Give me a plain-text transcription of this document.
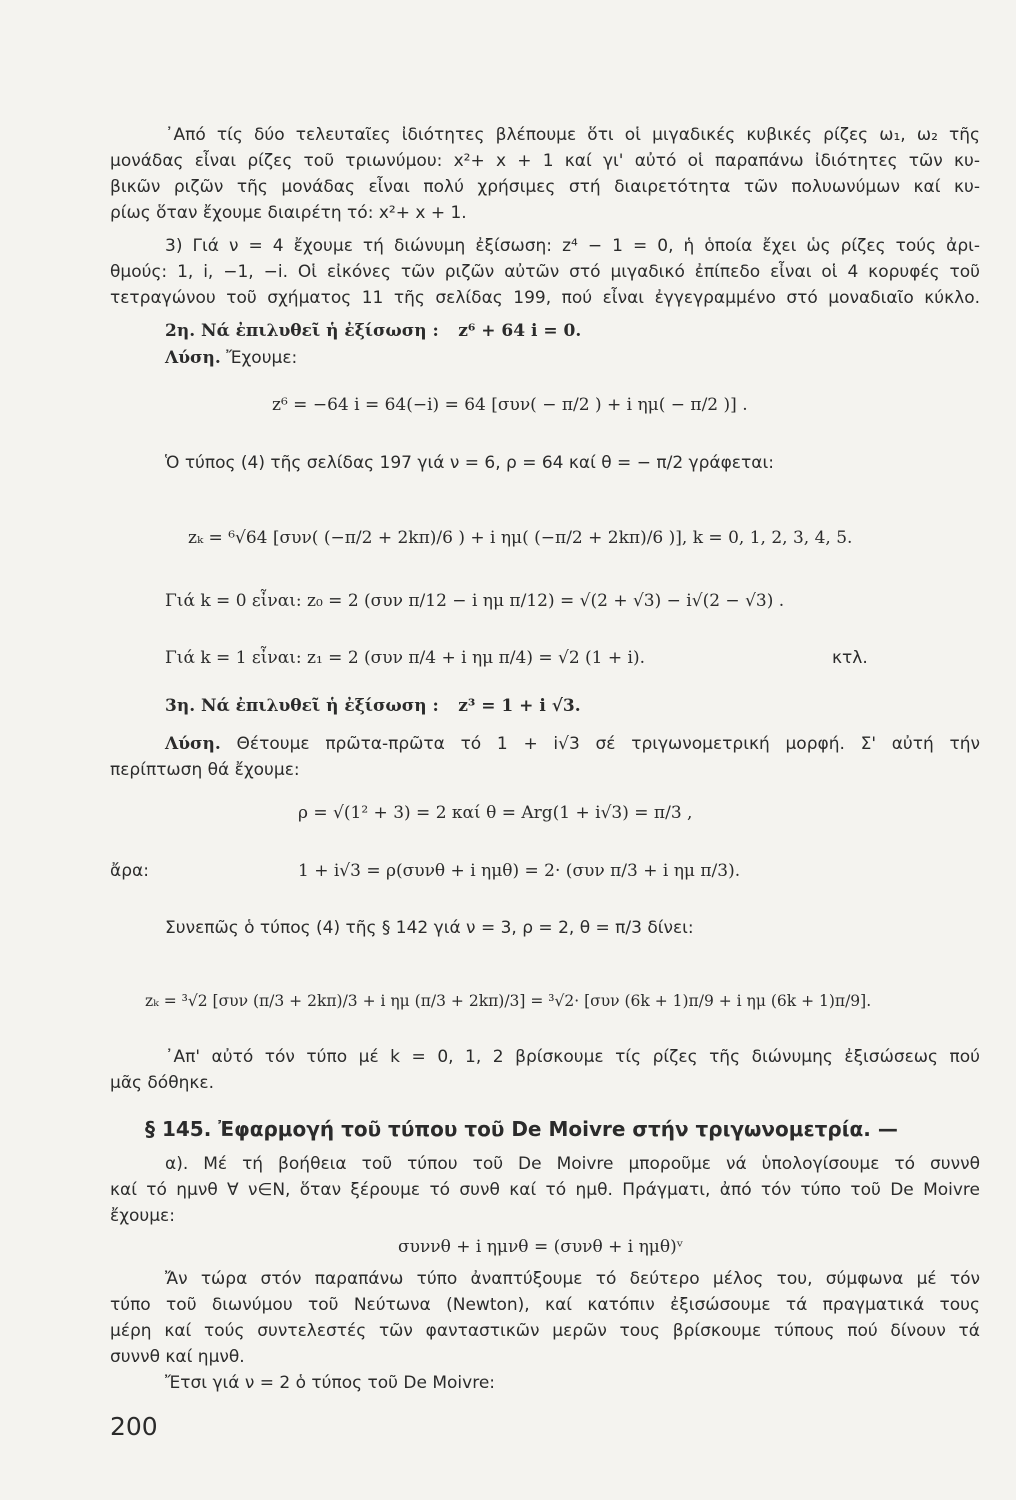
᾿Από τίς δύο τελευταῖες ἰδιότητες βλέπουμε ὅτι οἱ μιγαδικές κυβικές ρίζες ω₁, ω₂ τῆς
μονάδας εἶναι ρίζες τοῦ τριωνύμου: x²+ x + 1 καί γι' αὐτό οἱ παραπάνω ἰδιότητες τῶν κυ-
βικῶν ριζῶν τῆς μονάδας εἶναι πολύ χρήσιμες στή διαιρετότητα τῶν πολυωνύμων καί κυ-
ρίως ὅταν ἔχουμε διαιρέτη τό: x²+ x + 1.
3) Γιά ν = 4 ἔχουμε τή διώνυμη ἐξίσωση: z⁴ − 1 = 0, ἡ ὁποία ἔχει ὡς ρίζες τούς ἀρι-
θμούς: 1, i, −1, −i. Οἱ εἰκόνες τῶν ριζῶν αὐτῶν στό μιγαδικό ἐπίπεδο εἶναι οἱ 4 κορυφές τοῦ
τετραγώνου τοῦ σχήματος 11 τῆς σελίδας 199, πού εἶναι ἐγγεγραμμένο στό μοναδιαῖο κύκλο.
2η. Νά ἐπιλυθεῖ ἡ ἐξίσωση : z⁶ + 64 i = 0.
Λύση. Ἔχουμε:
z⁶ = −64 i = 64(−i) = 64 [συν( − π/2 ) + i ημ( − π/2 )] .
Ὁ τύπος (4) τῆς σελίδας 197 γιά ν = 6, ρ = 64 καί θ = − π/2 γράφεται:
zₖ = ⁶√64 [συν( (−π/2 + 2kπ)/6 ) + i ημ( (−π/2 + 2kπ)/6 )], k = 0, 1, 2, 3, 4, 5.
Γιά k = 0 εἶναι: z₀ = 2 (συν π/12 − i ημ π/12) = √(2 + √3) − i√(2 − √3) .
Γιά k = 1 εἶναι: z₁ = 2 (συν π/4 + i ημ π/4) = √2 (1 + i).	κτλ.
3η. Νά ἐπιλυθεῖ ἡ ἐξίσωση : z³ = 1 + i √3.
Λύση. Θέτουμε πρῶτα-πρῶτα τό 1 + i√3 σέ τριγωνομετρική μορφή. Σ' αὐτή τήν
περίπτωση θά ἔχουμε:
ρ = √(1² + 3) = 2 καί θ = Arg(1 + i√3) = π/3 ,
ἄρα:	1 + i√3 = ρ(συνθ + i ημθ) = 2· (συν π/3 + i ημ π/3).
Συνεπῶς ὁ τύπος (4) τῆς § 142 γιά ν = 3, ρ = 2, θ = π/3 δίνει:
zₖ = ³√2 [συν (π/3 + 2kπ)/3 + i ημ (π/3 + 2kπ)/3] = ³√2· [συν (6k + 1)π/9 + i ημ (6k + 1)π/9].
᾿Απ' αὐτό τόν τύπο μέ k = 0, 1, 2 βρίσκουμε τίς ρίζες τῆς διώνυμης ἐξισώσεως πού
μᾶς δόθηκε.
§ 145. Ἐφαρμογή τοῦ τύπου τοῦ De Moivre στήν τριγωνομετρία. —
α). Μέ τή βοήθεια τοῦ τύπου τοῦ De Moivre μποροῦμε νά ὑπολογίσουμε τό συννθ
καί τό ημνθ ∀ ν∈N, ὅταν ξέρουμε τό συνθ καί τό ημθ. Πράγματι, ἀπό τόν τύπο τοῦ De Moivre
ἔχουμε:
συννθ + i ημνθ = (συνθ + i ημθ)ᵛ
Ἄν τώρα στόν παραπάνω τύπο ἀναπτύξουμε τό δεύτερο μέλος του, σύμφωνα μέ τόν
τύπο τοῦ διωνύμου τοῦ Νεύτωνα (Newton), καί κατόπιν ἐξισώσουμε τά πραγματικά τους
μέρη καί τούς συντελεστές τῶν φανταστικῶν μερῶν τους βρίσκουμε τύπους πού δίνουν τά
συννθ καί ημνθ.
Ἔτσι γιά ν = 2 ὁ τύπος τοῦ De Moivre:
200
